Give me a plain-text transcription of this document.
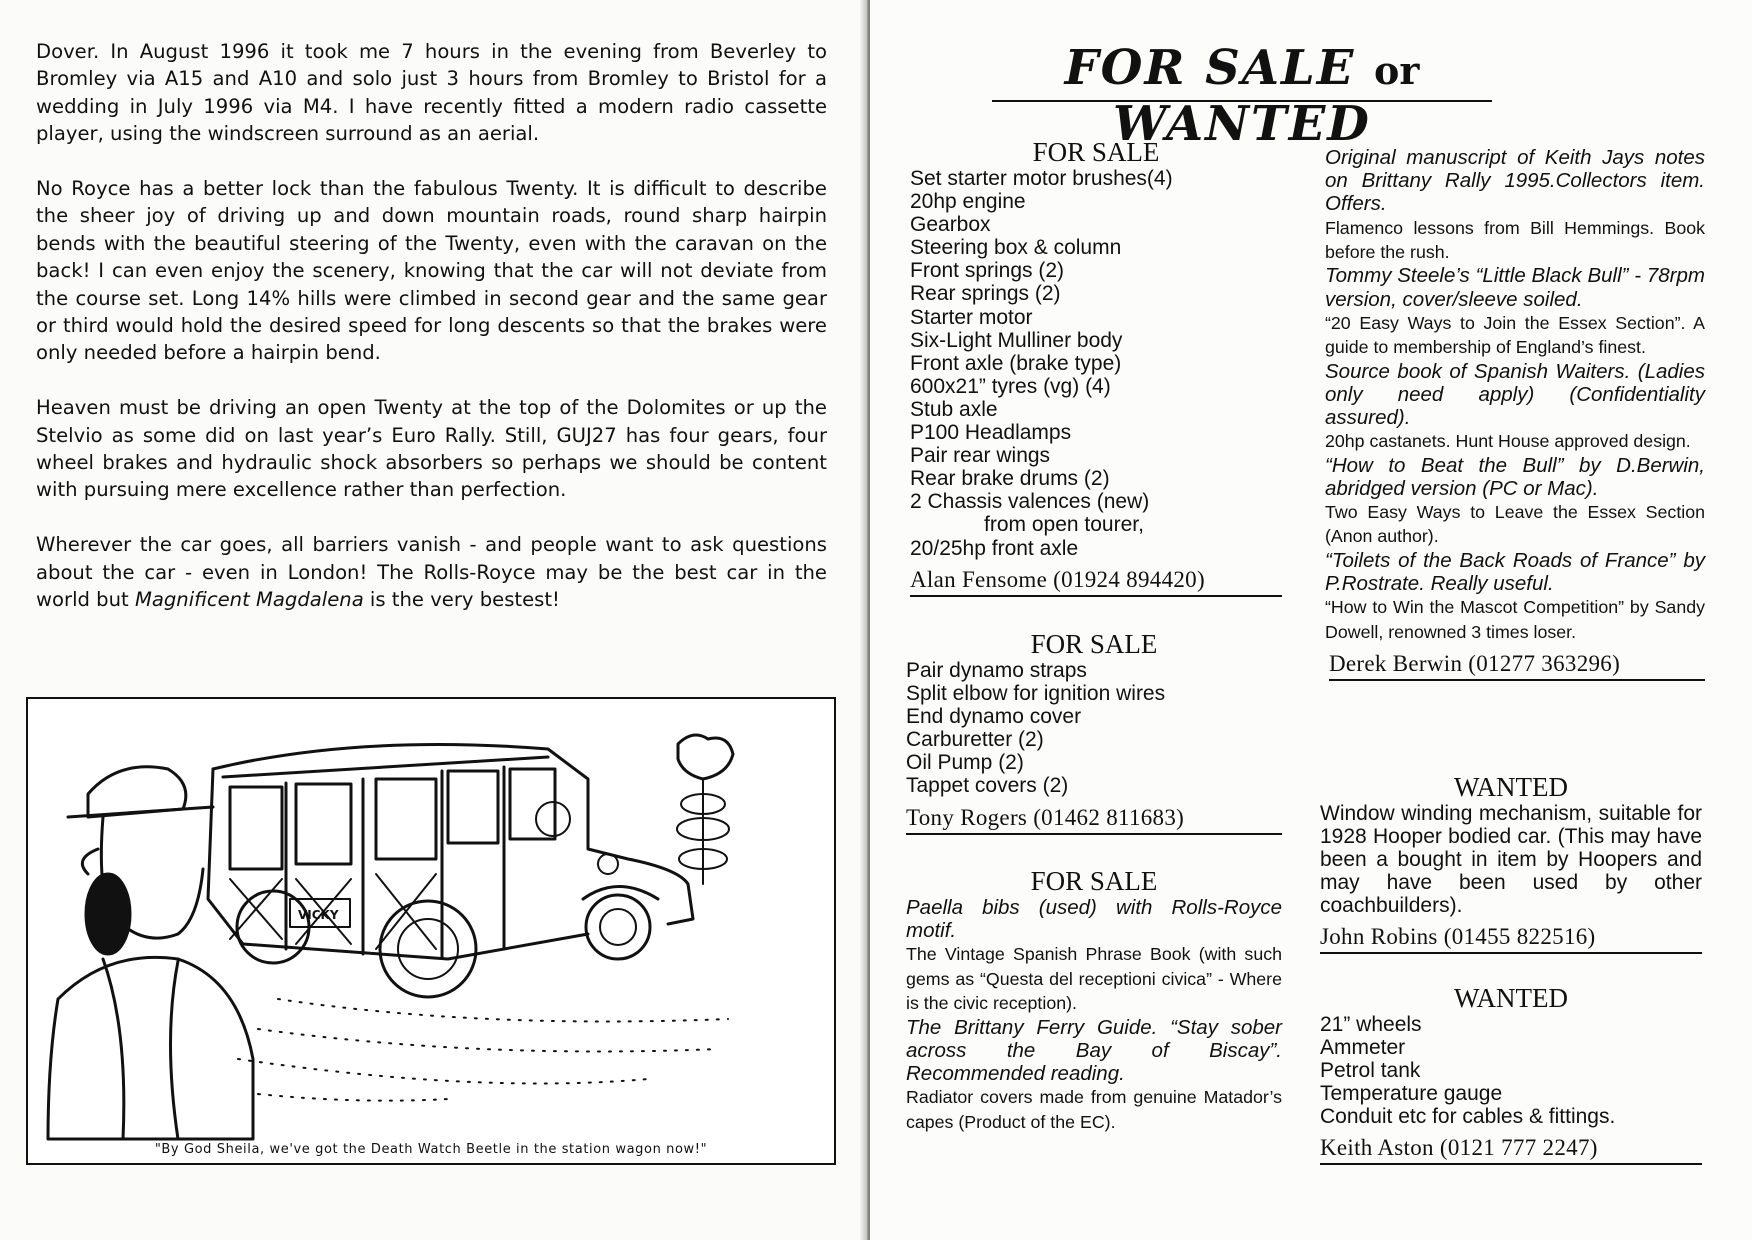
Dover. In August 1996 it took me 7 hours in the evening from Beverley to Bromley via A15 and A10 and solo just 3 hours from Bromley to Bristol for a wedding in July 1996 via M4. I have recently fitted a modern radio cassette player, using the windscreen surround as an aerial.

No Royce has a better lock than the fabulous Twenty. It is difficult to describe the sheer joy of driving up and down mountain roads, round sharp hairpin bends with the beautiful steering of the Twenty, even with the caravan on the back! I can even enjoy the scenery, knowing that the car will not deviate from the course set. Long 14% hills were climbed in second gear and the same gear or third would hold the desired speed for long descents so that the brakes were only needed before a hairpin bend.

Heaven must be driving an open Twenty at the top of the Dolomites or up the Stelvio as some did on last year’s Euro Rally. Still, GUJ27 has four gears, four wheel brakes and hydraulic shock absorbers so perhaps we should be content with pursuing mere excellence rather than perfection.

Wherever the car goes, all barriers vanish - and people want to ask questions about the car - even in London! The Rolls-Royce may be the best car in the world but Magnificent Magdalena is the very bestest!

VICKY
"By God Sheila, we've got the Death Watch Beetle in the station wagon now!"
FOR SALE or WANTED
FOR SALE
Set starter motor brushes(4)
20hp engine
Gearbox
Steering box & column
Front springs (2)
Rear springs (2)
Starter motor
Six-Light Mulliner body
Front axle (brake type)
600x21” tyres (vg) (4)
Stub axle
P100 Headlamps
Pair rear wings
Rear brake drums (2)
2 Chassis valences (new)
from open tourer,
20/25hp front axle
Alan Fensome (01924 894420)
FOR SALE
Pair dynamo straps
Split elbow for ignition wires
End dynamo cover
Carburetter (2)
Oil Pump (2)
Tappet covers (2)
Tony Rogers (01462 811683)
FOR SALE
Paella bibs (used) with Rolls-Royce motif.
The Vintage Spanish Phrase Book (with such gems as “Questa del receptioni civica” - Where is the civic reception).
The Brittany Ferry Guide. “Stay sober across the Bay of Biscay”. Recommended reading.
Radiator covers made from genuine Matador’s capes (Product of the EC).
Original manuscript of Keith Jays notes on Brittany Rally 1995.Collectors item. Offers.
Flamenco lessons from Bill Hemmings. Book before the rush.
Tommy Steele’s “Little Black Bull” - 78rpm version, cover/sleeve soiled.
“20 Easy Ways to Join the Essex Section”. A guide to membership of England’s finest.
Source book of Spanish Waiters. (Ladies only need apply) (Confidentiality assured).
20hp castanets. Hunt House approved design.
“How to Beat the Bull” by D.Berwin, abridged version (PC or Mac).
Two Easy Ways to Leave the Essex Section (Anon author).
“Toilets of the Back Roads of France” by P.Rostrate. Really useful.
“How to Win the Mascot Competition” by Sandy Dowell, renowned 3 times loser.
Derek Berwin (01277 363296)
WANTED
Window winding mechanism, suitable for 1928 Hooper bodied car. (This may have been a bought in item by Hoopers and may have been used by other coachbuilders).
John Robins (01455 822516)
WANTED
21” wheels
Ammeter
Petrol tank
Temperature gauge
Conduit etc for cables & fittings.
Keith Aston (0121 777 2247)
